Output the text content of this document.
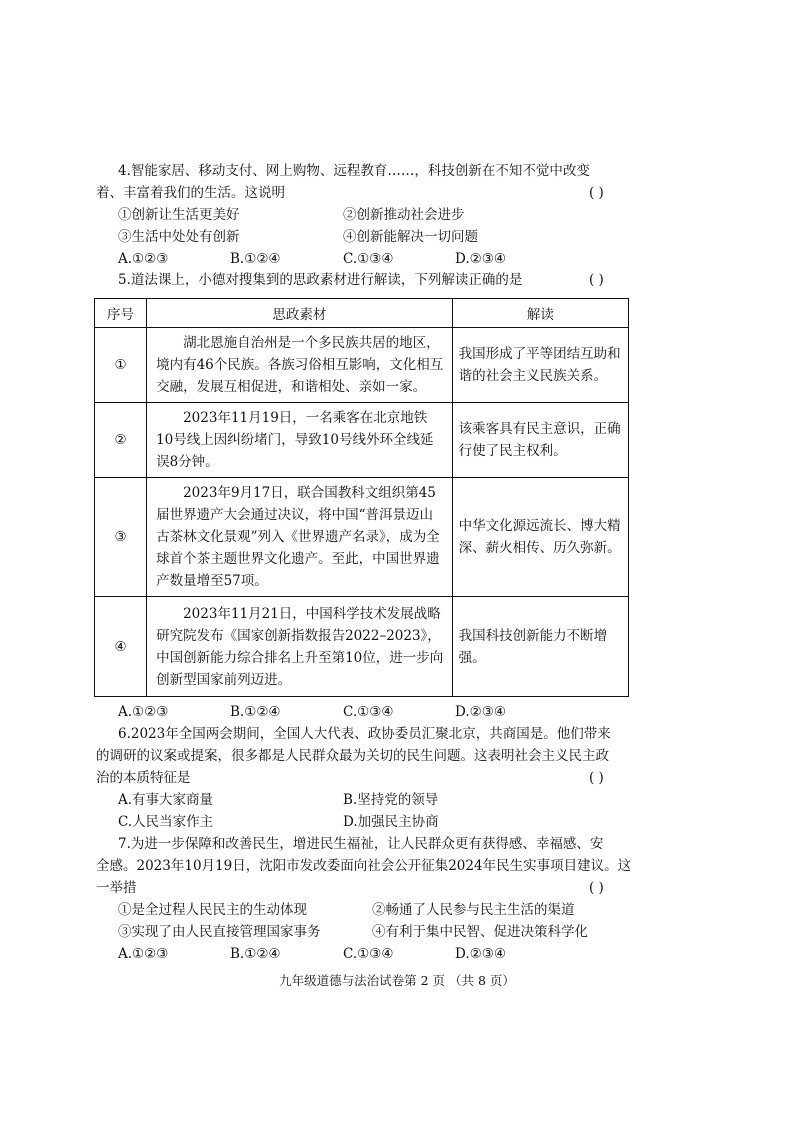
4.智能家居、移动支付、网上购物、远程教育……，科技创新在不知不觉中改变
着、丰富着我们的生活。这说明	( )
①创新让生活更美好	②创新推动社会进步
③生活中处处有创新	④创新能解决一切问题
A.①②③	B.①②④	C.①③④	D.②③④
5.道法课上，小德对搜集到的思政素材进行解读，下列解读正确的是	( )
序号	思政素材	解读
①	湖北恩施自治州是一个多民族共居的地区，境内有46个民族。各族习俗相互影响，文化相互交融，发展互相促进，和谐相处、亲如一家。	我国形成了平等团结互助和谐的社会主义民族关系。

②	2023年11月19日，一名乘客在北京地铁10号线上因纠纷堵门，导致10号线外环全线延误8分钟。	该乘客具有民主意识，正确行使了民主权利。

③	2023年9月17日，联合国教科文组织第45届世界遗产大会通过决议，将中国“普洱景迈山古茶林文化景观”列入《世界遗产名录》，成为全球首个茶主题世界文化遗产。至此，中国世界遗产数量增至57项。	中华文化源远流长、博大精深、薪火相传、历久弥新。

④	2023年11月21日，中国科学技术发展战略研究院发布《国家创新指数报告2022–2023》，中国创新能力综合排名上升至第10位，进一步向创新型国家前列迈进。	我国科技创新能力不断增强。
A.①②③	B.①②④	C.①③④	D.②③④
6.2023年全国两会期间，全国人大代表、政协委员汇聚北京，共商国是。他们带来
的调研的议案或提案，很多都是人民群众最为关切的民生问题。这表明社会主义民主政
治的本质特征是	( )
A.有事大家商量	B.坚持党的领导
C.人民当家作主	D.加强民主协商
7.为进一步保障和改善民生，增进民生福祉，让人民群众更有获得感、幸福感、安
全感。2023年10月19日，沈阳市发改委面向社会公开征集2024年民生实事项目建议。这
一举措	( )
①是全过程人民民主的生动体现	②畅通了人民参与民主生活的渠道
③实现了由人民直接管理国家事务	④有利于集中民智、促进决策科学化
A.①②③	B.①②④	C.①③④	D.②③④
九年级道德与法治试卷第 2 页 （共 8 页）
